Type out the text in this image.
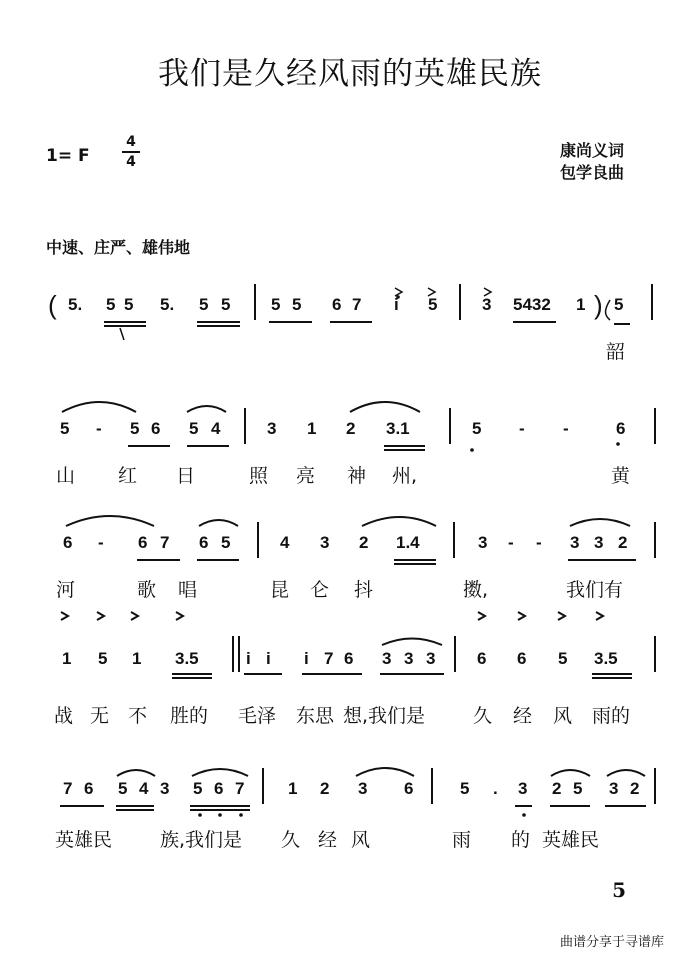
我们是久经风雨的英雄民族
1= F
4
4
康尚义词
包学良曲
中速、庄严、雄伟地
( 5. 5 5 5. 5 5 5 5 6 7 i 5	3 5432 1 ) 5
5 - 5 6 5 4	3 1 2 3.1	5 - -	6
6 - 6 7 6 5	4 3 2 1.4	3 - - 3 3 2
1 5 1 3.5	i i i 7 6 3 3 3 6 6 5 3.5
7 6 5 4 3 5 6 7	1 2 3 6	5 . 3 2 5 3 2
韶
山 红 日	照 亮 神 州,	黄
河	歌 唱	昆 仑 抖	擞,	我们有
战 无 不 胜的 毛泽 东思 想,我们是	久 经 风 雨的
英雄民	族,我们是 久 经 风	雨 的 英雄民
5
曲谱分享于寻谱库
